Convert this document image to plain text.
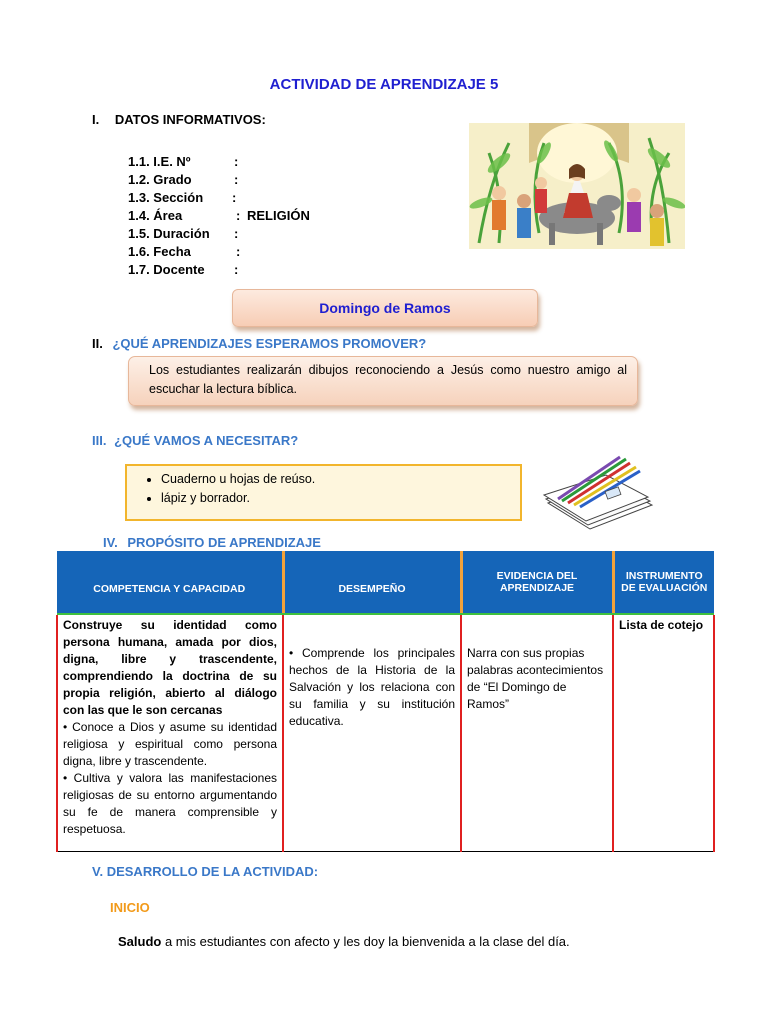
ACTIVIDAD DE APRENDIZAJE 5
I. DATOS INFORMATIVOS:
1.1. I.E. Nº	:
1.2. Grado	:
1.3. Sección :
1.4. Área	: RELIGIÓN
1.5. Duración :
1.6. Fecha	:
1.7. Docente :
Domingo de Ramos
II. ¿QUÉ APRENDIZAJES ESPERAMOS PROMOVER?
Los estudiantes realizarán dibujos reconociendo a Jesús como nuestro amigo al escuchar la lectura bíblica.
III. ¿QUÉ VAMOS A NECESITAR?
• Cuaderno u hojas de reúso.
• lápiz y borrador.
IV. PROPÓSITO DE APRENDIZAJE
COMPETENCIA Y CAPACIDAD	DESEMPEÑO	EVIDENCIA DEL APRENDIZAJE	INSTRUMENTO DE EVALUACIÓN

Construye su identidad como persona humana, amada por dios, digna, libre y trascendente, comprendiendo la doctrina de su propia religión, abierto al diálogo con las que le son cercanas
• Conoce a Dios y asume su identidad religiosa y espiritual como persona digna, libre y trascendente.
• Cultiva y valora las manifestaciones religiosas de su entorno argumentando su fe de manera comprensible y respetuosa.	• Comprende los principales hechos de la Historia de la Salvación y los relaciona con su familia y su institución educativa.	Narra con sus propias palabras acontecimientos de “El Domingo de Ramos”	Lista de cotejo
V. DESARROLLO DE LA ACTIVIDAD:
INICIO
Saludo a mis estudiantes con afecto y les doy la bienvenida a la clase del día.
